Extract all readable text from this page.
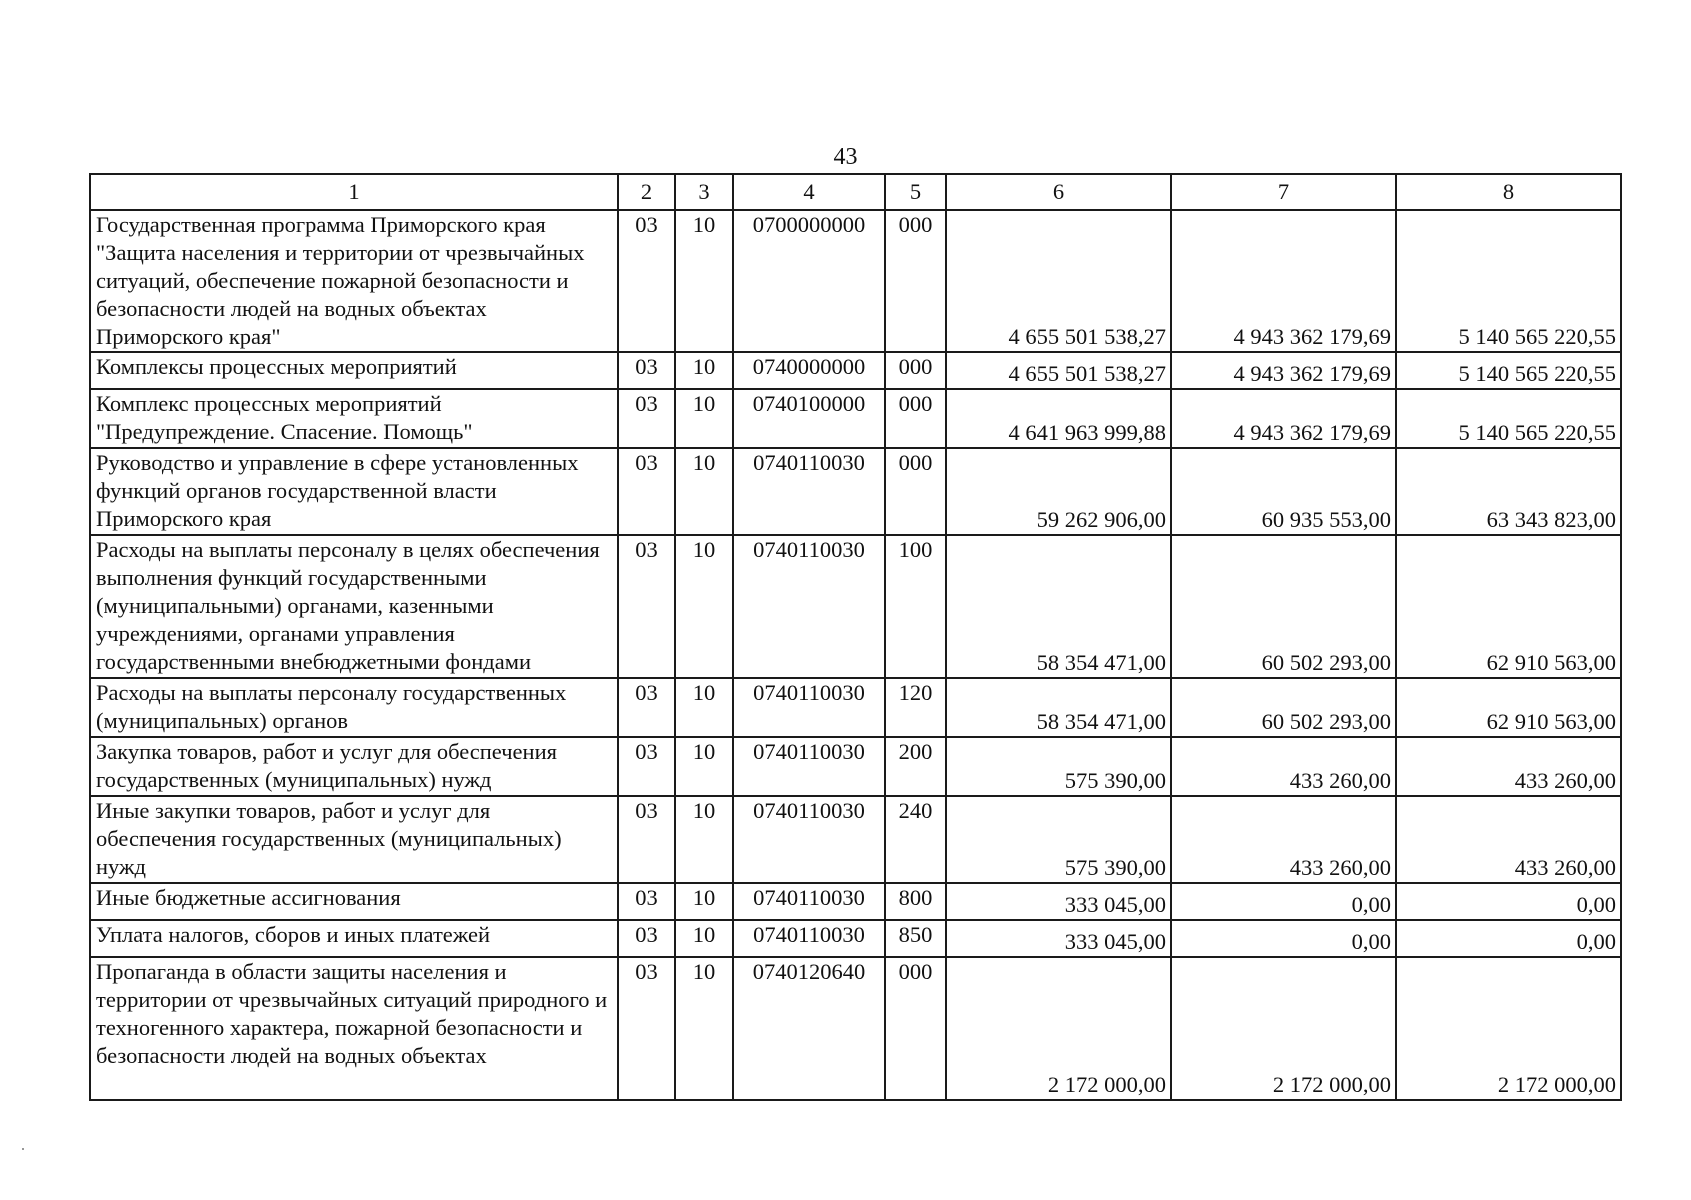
43
1	2	3	4	5	6	7	8
Государственная программа Приморского края "Защита населения и территории от чрезвычайных ситуаций, обеспечение пожарной безопасности и безопасности людей на водных объектах Приморского края"	03	10	0700000000	000	4 655 501 538,27	4 943 362 179,69	5 140 565 220,55
Комплексы процессных мероприятий	03	10	0740000000	000	4 655 501 538,27	4 943 362 179,69	5 140 565 220,55
Комплекс процессных мероприятий "Предупреждение. Спасение. Помощь"	03	10	0740100000	000	4 641 963 999,88	4 943 362 179,69	5 140 565 220,55
Руководство и управление в сфере установленных функций органов государственной власти Приморского края	03	10	0740110030	000	59 262 906,00	60 935 553,00	63 343 823,00
Расходы на выплаты персоналу в целях обеспечения выполнения функций государственными (муниципальными) органами, казенными учреждениями, органами управления государственными внебюджетными фондами	03	10	0740110030	100	58 354 471,00	60 502 293,00	62 910 563,00
Расходы на выплаты персоналу государственных (муниципальных) органов	03	10	0740110030	120	58 354 471,00	60 502 293,00	62 910 563,00
Закупка товаров, работ и услуг для обеспечения государственных (муниципальных) нужд	03	10	0740110030	200	575 390,00	433 260,00	433 260,00
Иные закупки товаров, работ и услуг для обеспечения государственных (муниципальных) нужд	03	10	0740110030	240	575 390,00	433 260,00	433 260,00
Иные бюджетные ассигнования	03	10	0740110030	800	333 045,00	0,00	0,00
Уплата налогов, сборов и иных платежей	03	10	0740110030	850	333 045,00	0,00	0,00
Пропаганда в области защиты населения и территории от чрезвычайных ситуаций природного и техногенного характера, пожарной безопасности и безопасности людей на водных объектах	03	10	0740120640	000	2 172 000,00	2 172 000,00	2 172 000,00
